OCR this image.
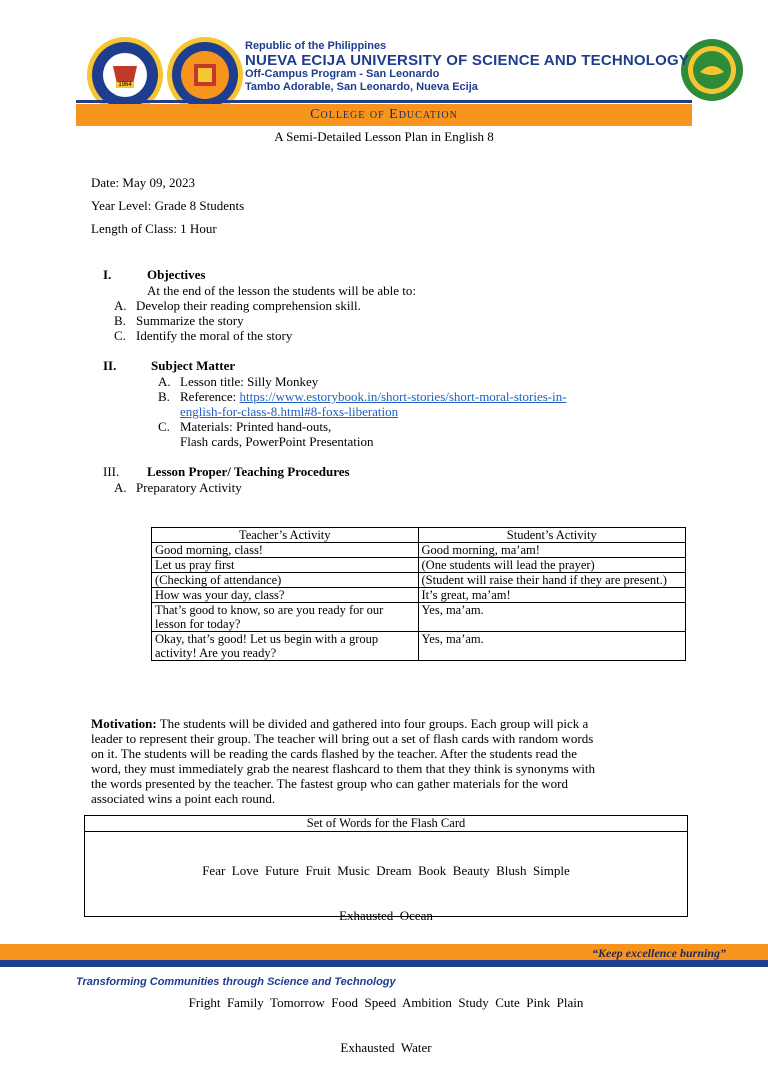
1964
Republic of the Philippines
NUEVA ECIJA UNIVERSITY OF SCIENCE AND TECHNOLOGY
Off-Campus Program - San Leonardo
Tambo Adorable, San Leonardo, Nueva Ecija
College of Education
A Semi-Detailed Lesson Plan in English 8
Date: May 09, 2023
Year Level: Grade 8 Students
Length of Class: 1 Hour
I.	Objectives
At the end of the lesson the students will be able to:
A. Develop their reading comprehension skill.
B. Summarize the story
C. Identify the moral of the story
II.	Subject Matter
A. Lesson title: Silly Monkey
B. Reference: https://www.estorybook.in/short-stories/short-moral-stories-in-
english-for-class-8.html#8-foxs-liberation
C. Materials: Printed hand-outs,
Flash cards, PowerPoint Presentation
III. Lesson Proper/ Teaching Procedures
A. Preparatory Activity
Teacher’s Activity	Student’s Activity
Good morning, class!	Good morning, ma’am!
Let us pray first	(One students will lead the prayer)
(Checking of attendance)	(Student will raise their hand if they are present.)
How was your day, class?	It’s great, ma’am!
That’s good to know, so are you ready for our lesson for today?	Yes, ma’am.
Okay, that’s good! Let us begin with a group activity! Are you ready?	Yes, ma’am.
Motivation: The students will be divided and gathered into four groups. Each group will pick a
leader to represent their group. The teacher will bring out a set of flash cards with random words
on it. The students will be reading the cards flashed by the teacher. After the students read the
word, they must immediately grab the nearest flashcard to them that they think is synonyms with
the words presented by the teacher. The fastest group who can gather materials for the word
associated wins a point each round.
Set of Words for the Flash Card

Fear  Love  Future  Fruit  Music  Dream  Book  Beauty  Blush  Simple

Exhausted  Ocean

Fright  Family  Tomorrow  Food  Speed  Ambition  Study  Cute  Pink  Plain

Exhausted  Water

“Keep excellence burning”
Transforming Communities through Science and Technology
